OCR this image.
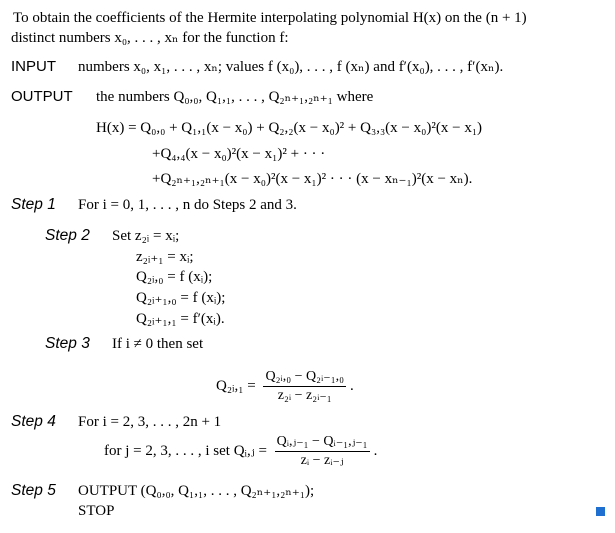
To obtain the coefficients of the Hermite interpolating polynomial H(x) on the (n + 1)
distinct numbers x₀, . . . , xₙ for the function f:
INPUT numbers x₀, x₁, . . . , xₙ; values f (x₀), . . . , f (xₙ) and f′(x₀), . . . , f′(xₙ).
OUTPUT the numbers Q₀,₀, Q₁,₁, . . . , Q₂ₙ₊₁,₂ₙ₊₁ where
H(x) = Q₀,₀ + Q₁,₁(x − x₀) + Q₂,₂(x − x₀)² + Q₃,₃(x − x₀)²(x − x₁)
+Q₄,₄(x − x₀)²(x − x₁)² + · · ·
+Q₂ₙ₊₁,₂ₙ₊₁(x − x₀)²(x − x₁)² · · · (x − xₙ₋₁)²(x − xₙ).
Step 1 For i = 0, 1, . . . , n do Steps 2 and 3.
Step 2 Set z₂ᵢ = xᵢ;
z₂ᵢ₊₁ = xᵢ;
Q₂ᵢ,₀ = f (xᵢ);
Q₂ᵢ₊₁,₀ = f (xᵢ);
Q₂ᵢ₊₁,₁ = f′(xᵢ).
Step 3 If i ≠ 0 then set
Q₂ᵢ,₁ = $\frac{\text{Q₂ᵢ,₀ − Q₂ᵢ₋₁,₀}}{\text{z₂ᵢ − z₂ᵢ₋₁}}$ .
Step 4 For i = 2, 3, . . . , 2n + 1
for j = 2, 3, . . . , i set Qᵢ,ⱼ = $\frac{\text{Qᵢ,ⱼ₋₁ − Qᵢ₋₁,ⱼ₋₁}}{\text{zᵢ − zᵢ₋ⱼ}}$ .
Step 5 OUTPUT (Q₀,₀, Q₁,₁, . . . , Q₂ₙ₊₁,₂ₙ₊₁);
STOP
